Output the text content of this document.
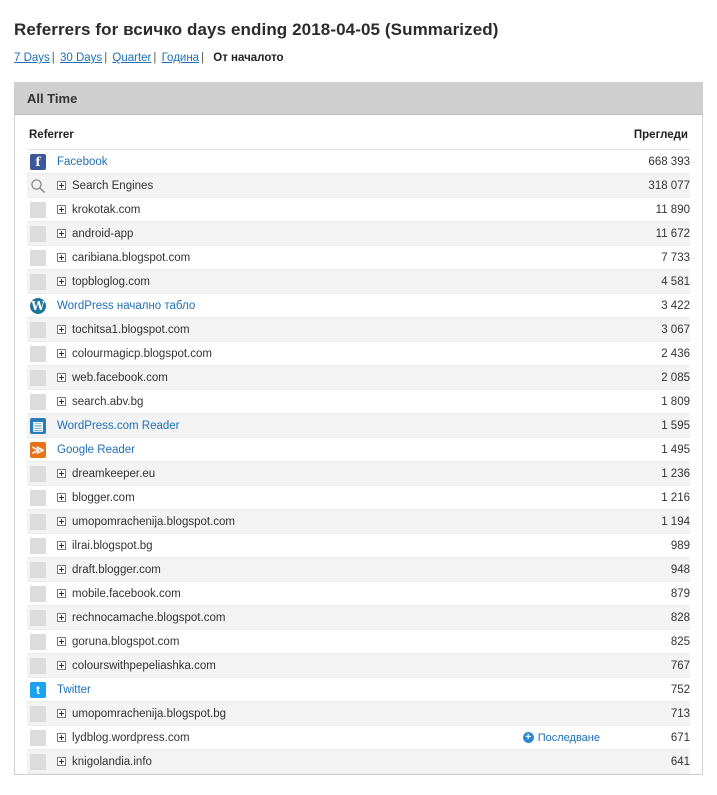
Referrers for всичко days ending 2018-04-05 (Summarized)
7 Days | 30 Days | Quarter | Година | От началото
All Time
Referrer	Прегледи

f Facebook	668 393

Search Engines	318 077

krokotak.com	11 890

android-app	11 672

caribiana.blogspot.com	7 733

topbloglog.com	4 581

W WordPress начално табло	3 422

tochitsa1.blogspot.com	3 067

colourmagicp.blogspot.com	2 436

web.facebook.com	2 085

search.abv.bg	1 809

▤ WordPress.com Reader	1 595

≫ Google Reader	1 495

dreamkeeper.eu	1 236

blogger.com	1 216

umopomrachenija.blogspot.com	1 194

ilrai.blogspot.bg	989

draft.blogger.com	948

mobile.facebook.com	879

rechnocamache.blogspot.com	828

goruna.blogspot.com	825

colourswithpepeliashka.com	767

t Twitter	752

umopomrachenija.blogspot.bg	713

lydblog.wordpress.com + Последване	671

knigolandia.info	641
